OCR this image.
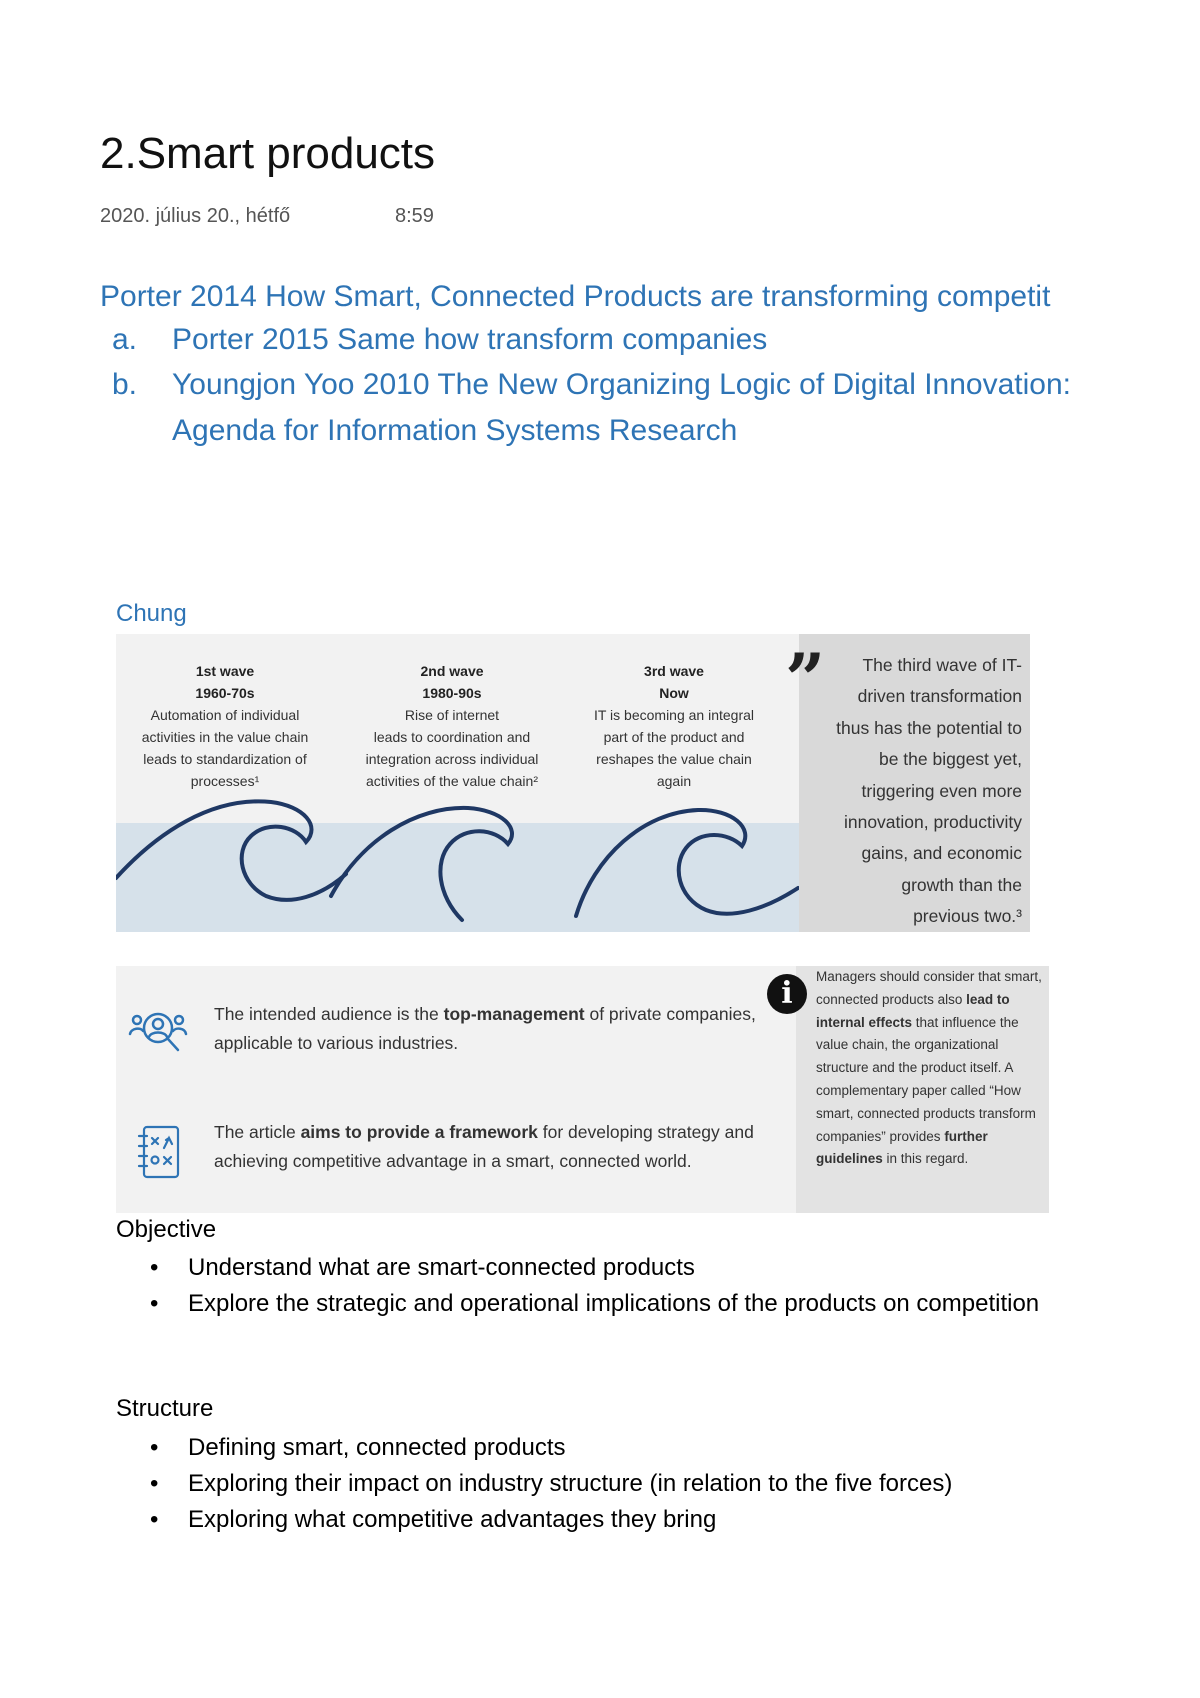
2.Smart products
2020. július 20., hétfő	8:59
Porter 2014 How Smart, Connected Products are transforming competit
a. Porter 2015 Same how transform companies
b. Youngjon Yoo 2010 The New Organizing Logic of Digital Innovation:
Agenda for Information Systems Research
Chung
1st wave
1960-70s
Automation of individual
activities in the value chain
leads to standardization of
processes¹
2nd wave
1980-90s
Rise of internet
leads to coordination and
integration across individual
activities of the value chain²
3rd wave
Now
IT is becoming an integral
part of the product and
reshapes the value chain
again
”	The third wave of IT-driven transformation thus has the potential to be the biggest yet, triggering even more innovation, productivity gains, and economic growth than the previous two.³
The intended audience is the top-management of private companies, applicable to various industries.
The article aims to provide a framework for developing strategy and achieving competitive advantage in a smart, connected world.
i	Managers should consider that smart, connected products also lead to internal effects that influence the value chain, the organizational structure and the product itself. A complementary paper called “How smart, connected products transform companies” provides further guidelines in this regard.
Objective
• Understand what are smart-connected products
• Explore the strategic and operational implications of the products on competition
Structure
• Defining smart, connected products
• Exploring their impact on industry structure (in relation to the five forces)
• Exploring what competitive advantages they bring
